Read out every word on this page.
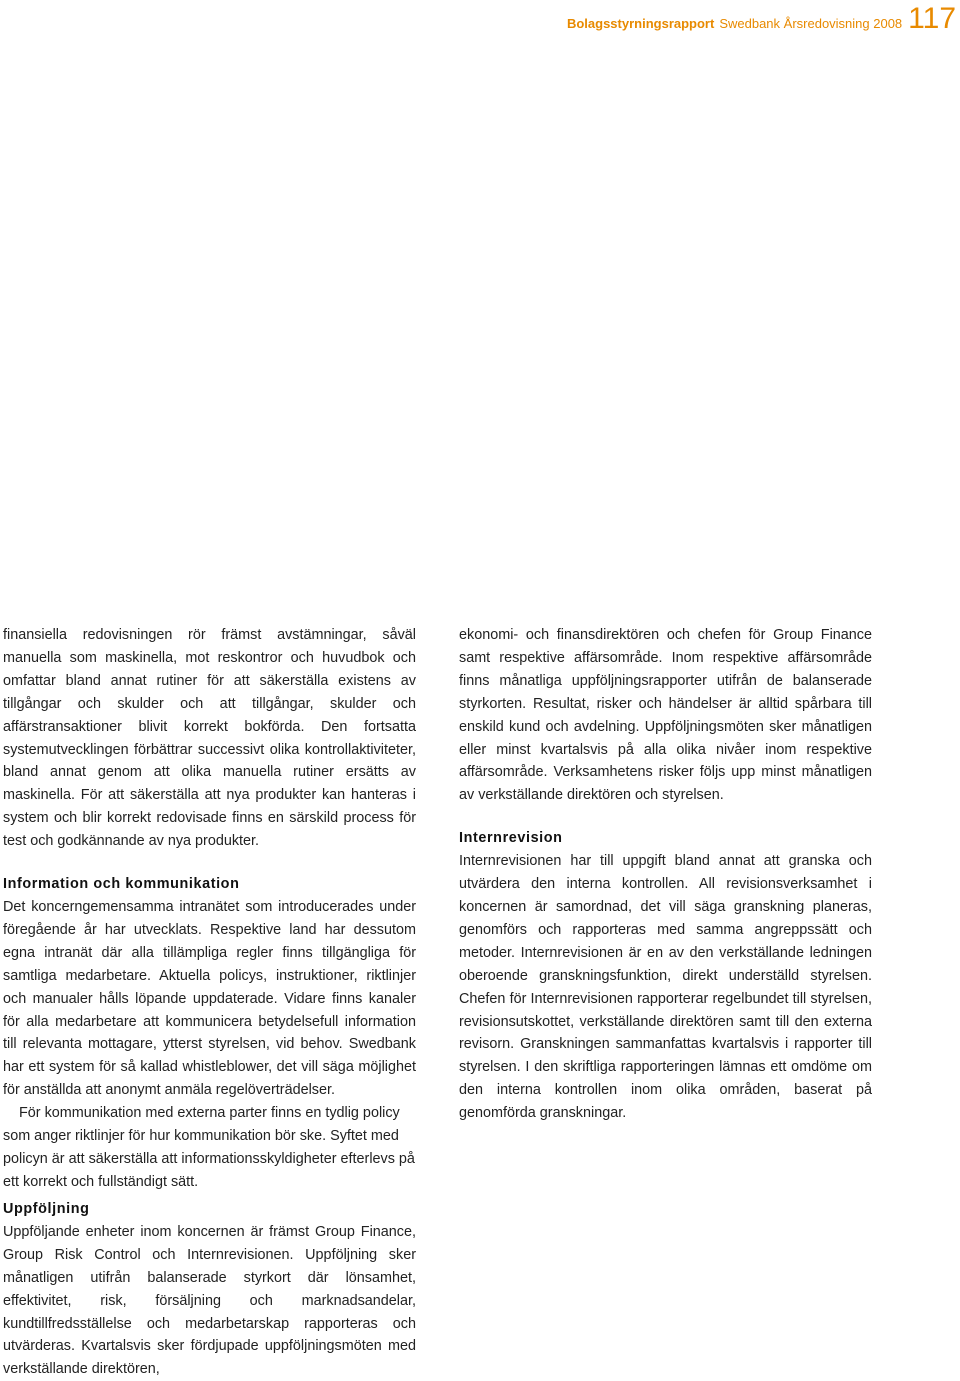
Bolagsstyrningsrapport Swedbank Årsredovisning 2008 117

finansiella redovisningen rör främst avstämningar, såväl manuella som maskinella, mot reskontror och huvudbok och omfattar bland annat rutiner för att säkerställa existens av tillgångar och skulder och att tillgångar, skulder och affärstransaktioner blivit korrekt bokförda. Den fortsatta systemutvecklingen förbättrar successivt olika kontrollaktiviteter, bland annat genom att olika manuella rutiner ersätts av maskinella. För att säkerställa att nya produkter kan hanteras i system och blir korrekt redovisade finns en särskild process för test och godkännande av nya produkter.

Information och kommunikation

Det koncerngemensamma intranätet som introducerades under föregående år har utvecklats. Respektive land har dessutom egna intranät där alla tillämpliga regler finns tillgängliga för samtliga medarbetare. Aktuella policys, instruktioner, riktlinjer och manualer hålls löpande uppdaterade. Vidare finns kanaler för alla medarbetare att kommunicera betydelsefull information till relevanta mottagare, ytterst styrelsen, vid behov. Swedbank har ett system för så kallad whistleblower, det vill säga möjlighet för anställda att anonymt anmäla regelöverträdelser.

För kommunikation med externa parter finns en tydlig policy som anger riktlinjer för hur kommunikation bör ske. Syftet med policyn är att säkerställa att informationsskyldigheter efterlevs på ett korrekt och fullständigt sätt.

Uppföljning

Uppföljande enheter inom koncernen är främst Group Finance, Group Risk Control och Internrevisionen. Uppföljning sker månatligen utifrån balanserade styrkort där lönsamhet, effektivitet, risk, försäljning och marknadsandelar, kundtillfredsställelse och medarbetarskap rapporteras och utvärderas. Kvartalsvis sker fördjupade uppföljningsmöten med verkställande direktören,

ekonomi- och finansdirektören och chefen för Group Finance samt respektive affärsområde. Inom respektive affärsområde finns månatliga uppföljningsrapporter utifrån de balanserade styrkorten. Resultat, risker och händelser är alltid spårbara till enskild kund och avdelning. Uppföljningsmöten sker månatligen eller minst kvartalsvis på alla olika nivåer inom respektive affärsområde. Verksamhetens risker följs upp minst månatligen av verkställande direktören och styrelsen.

Internrevision

Internrevisionen har till uppgift bland annat att granska och utvärdera den interna kontrollen. All revisionsverksamhet i koncernen är samordnad, det vill säga granskning planeras, genomförs och rapporteras med samma angreppssätt och metoder. Internrevisionen är en av den verkställande ledningen oberoende granskningsfunktion, direkt underställd styrelsen. Chefen för Internrevisionen rapporterar regelbundet till styrelsen, revisionsutskottet, verkställande direktören samt till den externa revisorn. Granskningen sammanfattas kvartalsvis i rapporter till styrelsen. I den skriftliga rapporteringen lämnas ett omdöme om den interna kontrollen inom olika områden, baserat på genomförda granskningar.
